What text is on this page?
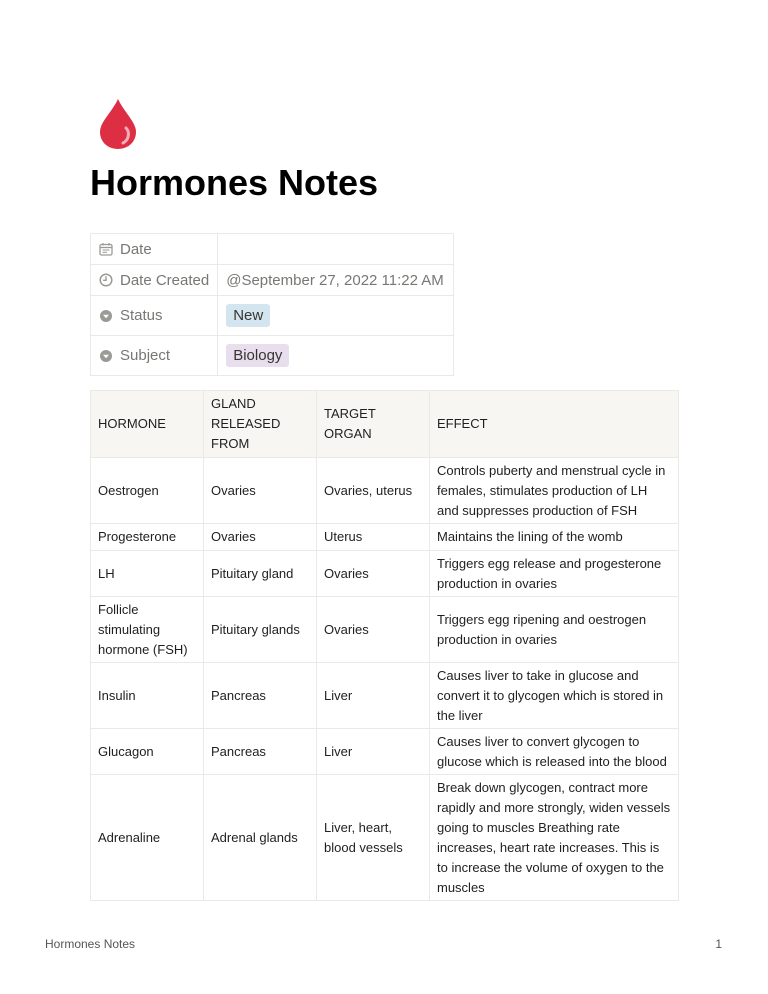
Hormones Notes
Date	

Date Created	@September 27, 2022 11:22 AM

Status	New

Subject	Biology
HORMONE	GLAND RELEASED FROM	TARGET ORGAN	EFFECT
Oestrogen	Ovaries	Ovaries, uterus	Controls puberty and menstrual cycle in females, stimulates production of LH and suppresses production of FSH
Progesterone	Ovaries	Uterus	Maintains the lining of the womb
LH	Pituitary gland	Ovaries	Triggers egg release and progesterone production in ovaries
Follicle stimulating hormone (FSH)	Pituitary glands	Ovaries	Triggers egg ripening and oestrogen production in ovaries
Insulin	Pancreas	Liver	Causes liver to take in glucose and convert it to glycogen which is stored in the liver
Glucagon	Pancreas	Liver	Causes liver to convert glycogen to glucose which is released into the blood
Adrenaline	Adrenal glands	Liver, heart, blood vessels	Break down glycogen, contract more rapidly and more strongly, widen vessels going to muscles Breathing rate increases, heart rate increases. This is to increase the volume of oxygen to the muscles
Hormones Notes	1
